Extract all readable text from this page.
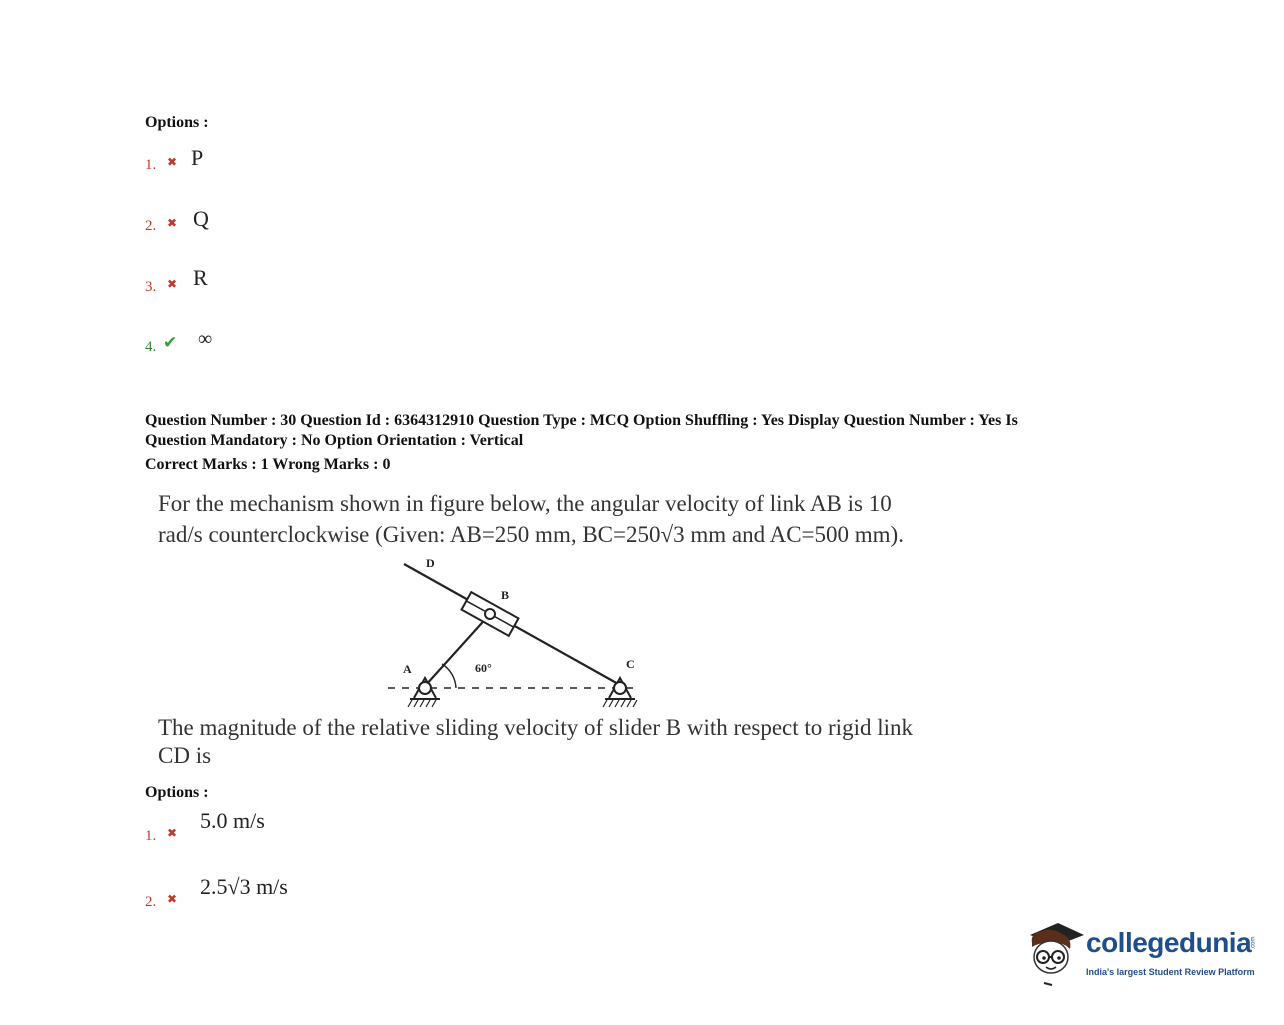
Options :
1. ✖ P
2. ✖ Q
3. ✖ R
4. ✔ ∞
Question Number : 30 Question Id : 6364312910 Question Type : MCQ Option Shuffling : Yes Display Question Number : Yes Is
Question Mandatory : No Option Orientation : Vertical
Correct Marks : 1 Wrong Marks : 0
For the mechanism shown in figure below, the angular velocity of link AB is 10
rad/s counterclockwise (Given: AB=250 mm, BC=250√3 mm and AC=500 mm).
D
B
A	C
60°
The magnitude of the relative sliding velocity of slider B with respect to rigid link
CD is
Options :
1. ✖ 5.0 m/s
2. ✖ 2.5√3 m/s
collegedunia .com
India's largest Student Review Platform
